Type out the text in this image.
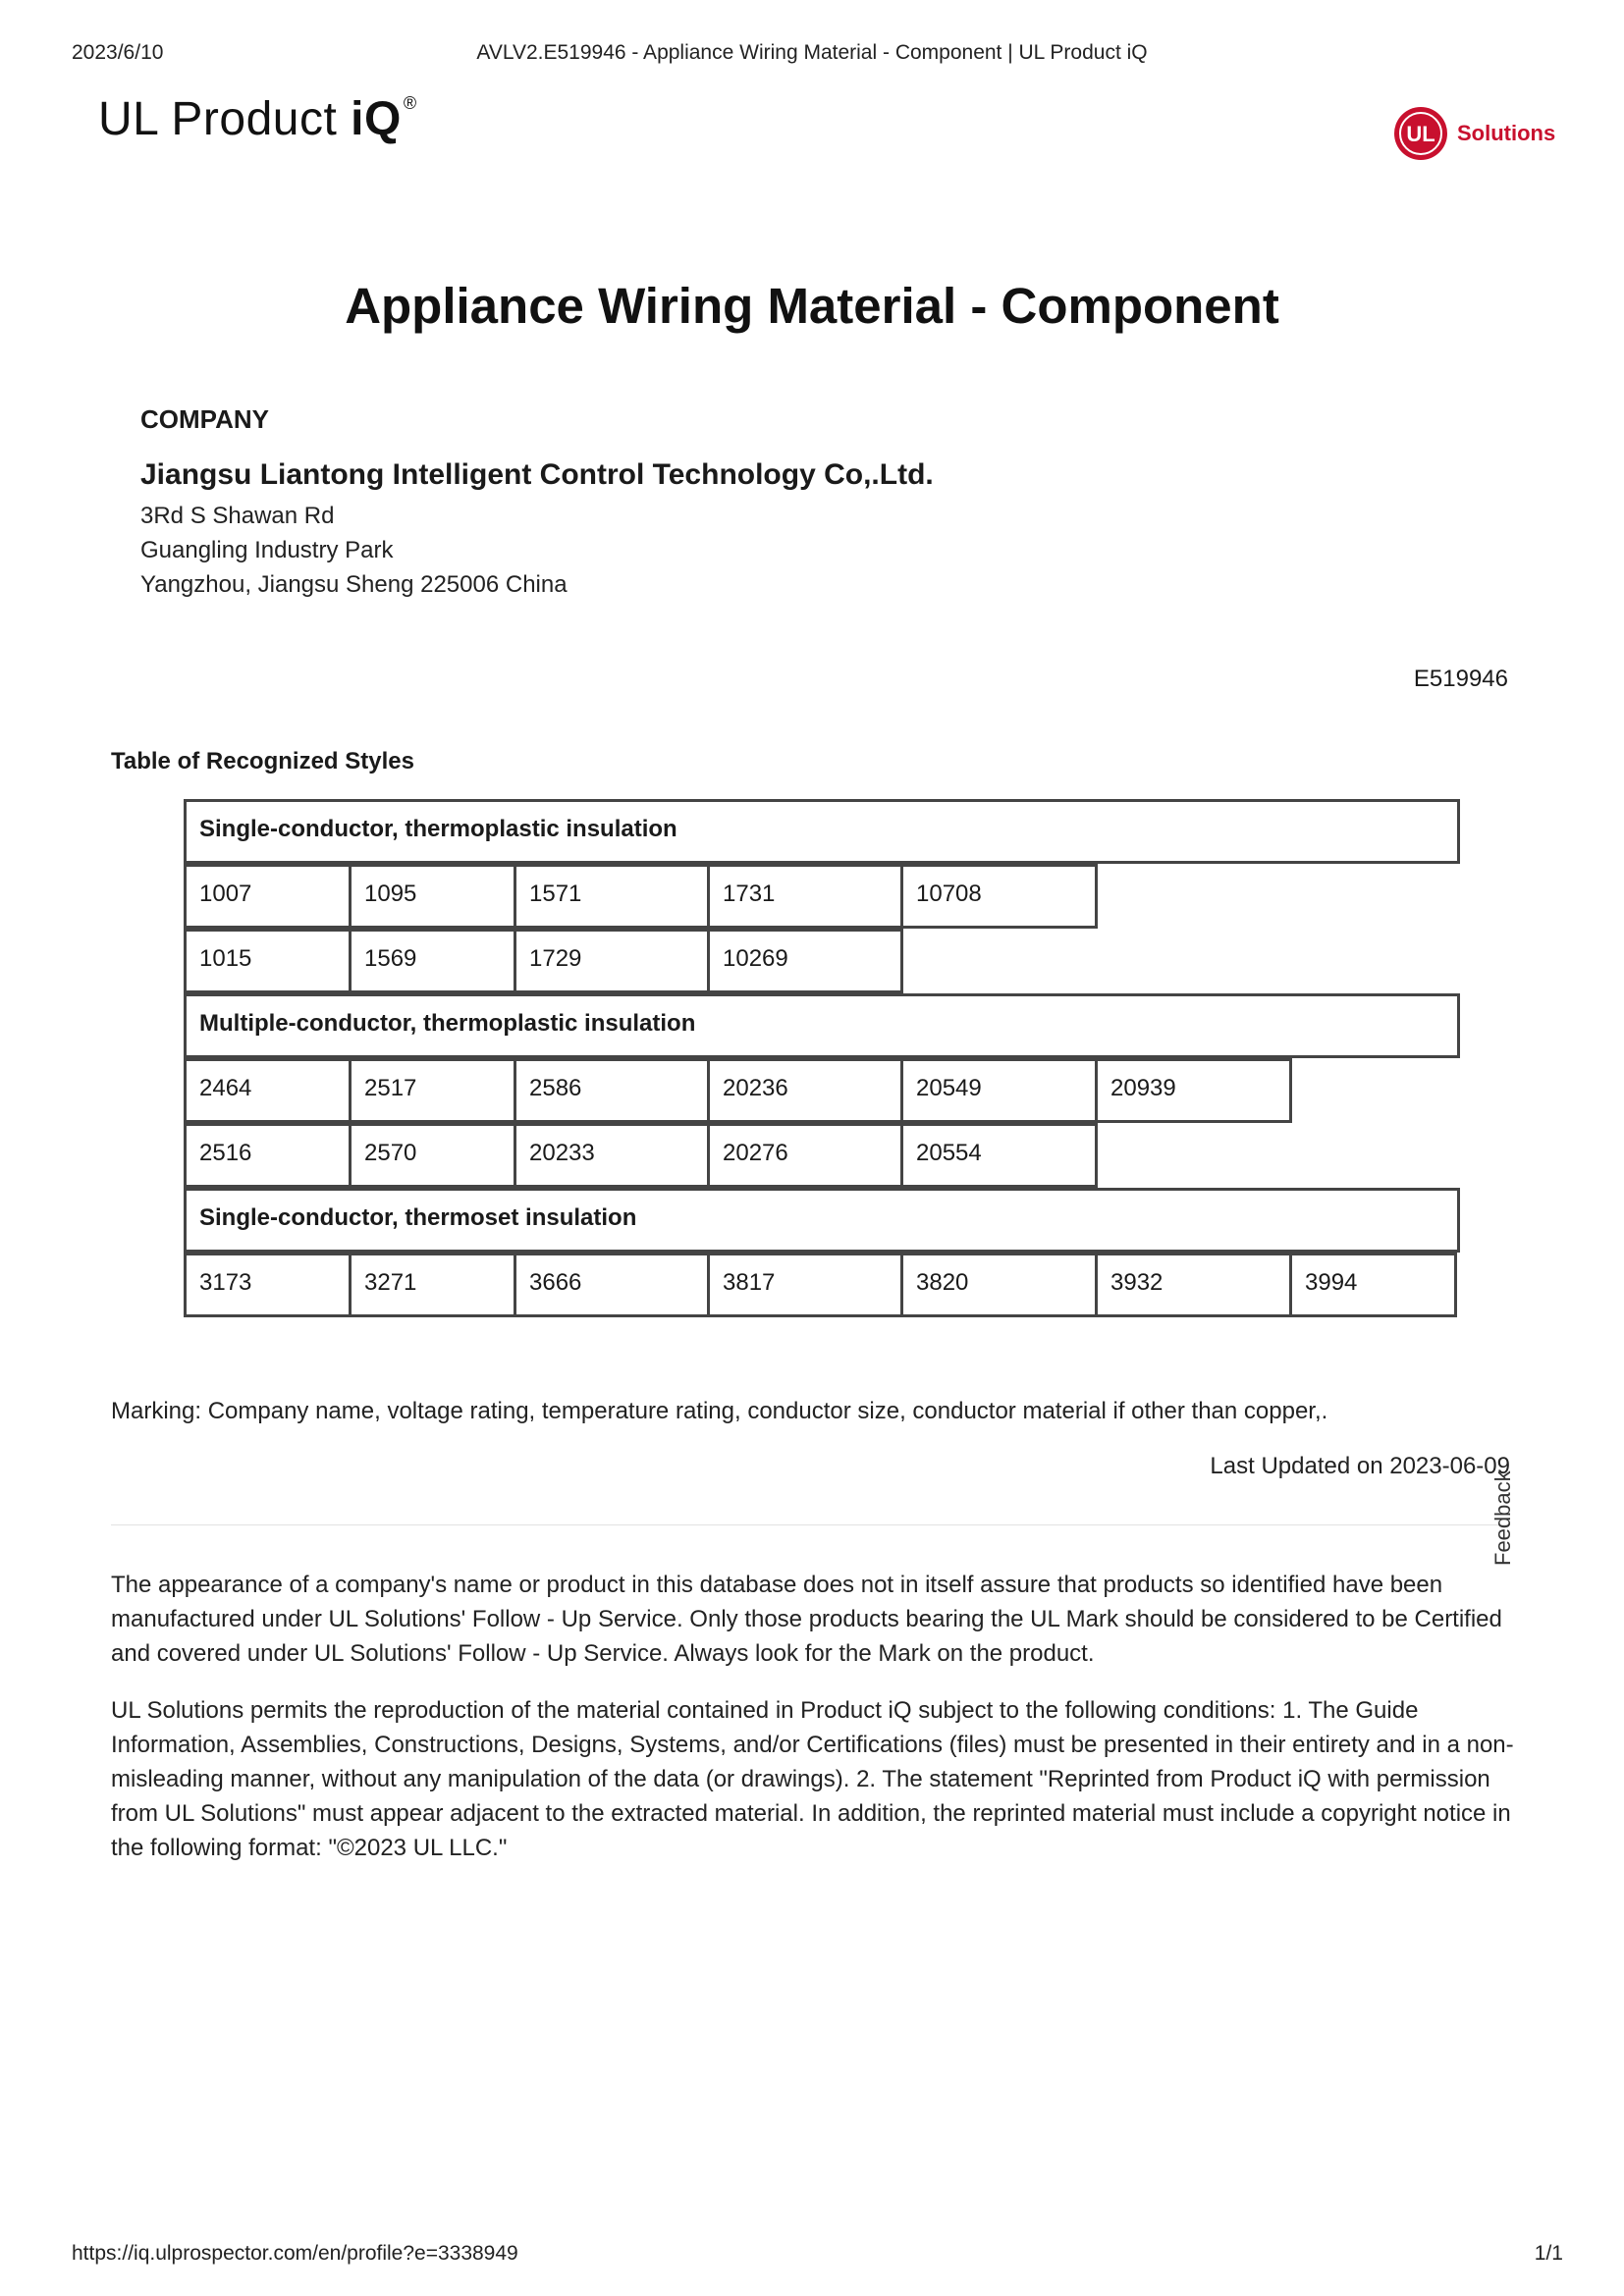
2023/6/10	AVLV2.E519946 - Appliance Wiring Material - Component | UL Product iQ
UL Product iQ ®
UL Solutions
Appliance Wiring Material - Component
COMPANY
Jiangsu Liantong Intelligent Control Technology Co,.Ltd.
3Rd S Shawan Rd
Guangling Industry Park
Yangzhou, Jiangsu Sheng 225006 China
E519946
Table of Recognized Styles
Single-conductor, thermoplastic insulation
1007	1095	1571	1731	10708
1015	1569	1729	10269
Multiple-conductor, thermoplastic insulation
2464	2517	2586	20236	20549	20939
2516	2570	20233	20276	20554
Single-conductor, thermoset insulation
3173	3271	3666	3817	3820	3932	3994
Marking: Company name, voltage rating, temperature rating, conductor size, conductor material if other than copper,.
Last Updated on 2023-06-09
Feedback
The appearance of a company's name or product in this database does not in itself assure that products so identified have been manufactured under UL Solutions' Follow - Up Service. Only those products bearing the UL Mark should be considered to be Certified and covered under UL Solutions' Follow - Up Service. Always look for the Mark on the product.
UL Solutions permits the reproduction of the material contained in Product iQ subject to the following conditions: 1. The Guide Information, Assemblies, Constructions, Designs, Systems, and/or Certifications (files) must be presented in their entirety and in a non-misleading manner, without any manipulation of the data (or drawings). 2. The statement "Reprinted from Product iQ with permission from UL Solutions" must appear adjacent to the extracted material. In addition, the reprinted material must include a copyright notice in the following format: "©2023 UL LLC."
https://iq.ulprospector.com/en/profile?e=3338949	1/1
